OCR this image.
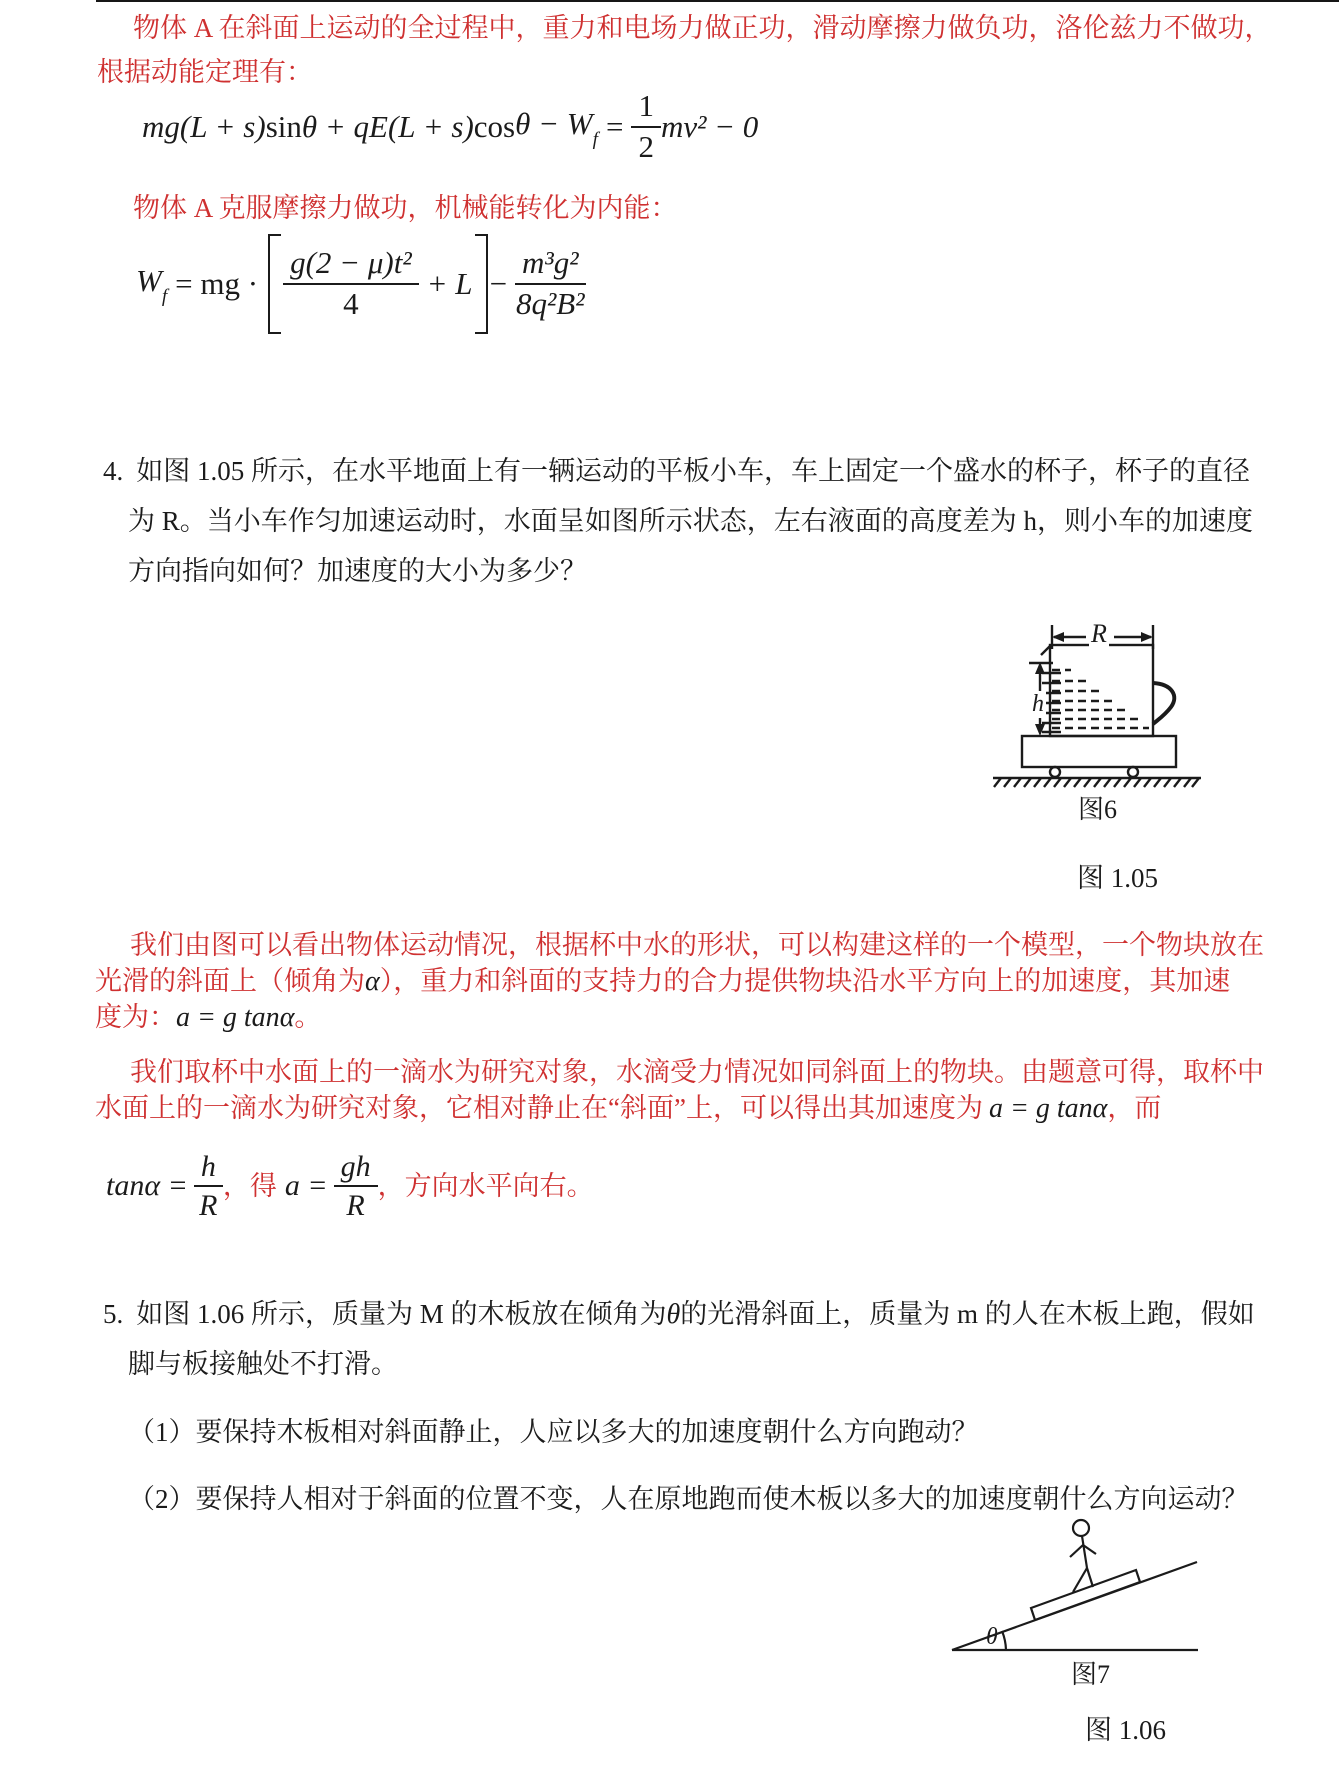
物体 A 在斜面上运动的全过程中，重力和电场力做正功，滑动摩擦力做负功，洛伦兹力不做功，
根据动能定理有：
mg(L + s) sin θ + qE(L + s) $\cos \theta - W_f = \frac{1}{2} mv^2 - 0$
物体 A 克服摩擦力做功，机械能转化为内能：
$W_f$ = mg · $\frac{\text{g(2 − μ)t²}}{4} + L - \frac{\text{m³g²}}{\text{8q²B²}}$
4. 如图 1.05 所示，在水平地面上有一辆运动的平板小车，车上固定一个盛水的杯子，杯子的直径
为 R。当小车作匀加速运动时，水面呈如图所示状态，左右液面的高度差为 h，则小车的加速度
方向指向如何？加速度的大小为多少？
R
h
图6
图 1.05
我们由图可以看出物体运动情况，根据杯中水的形状，可以构建这样的一个模型，一个物块放在
光滑的斜面上（倾角为α），重力和斜面的支持力的合力提供物块沿水平方向上的加速度，其加速
度为：a = g tanα。
我们取杯中水面上的一滴水为研究对象，水滴受力情况如同斜面上的物块。由题意可得，取杯中
水面上的一滴水为研究对象，它相对静止在“斜面”上，可以得出其加速度为 a = g tanα，而
$\tan \alpha = \frac{h}{R}$ ， 得 $a = \frac{gh}{R}$ ， 方向水平向右。
5. 如图 1.06 所示，质量为 M 的木板放在倾角为θ的光滑斜面上，质量为 m 的人在木板上跑，假如
脚与板接触处不打滑。
（1）要保持木板相对斜面静止，人应以多大的加速度朝什么方向跑动？
（2）要保持人相对于斜面的位置不变，人在原地跑而使木板以多大的加速度朝什么方向运动？
θ
图7
图 1.06
